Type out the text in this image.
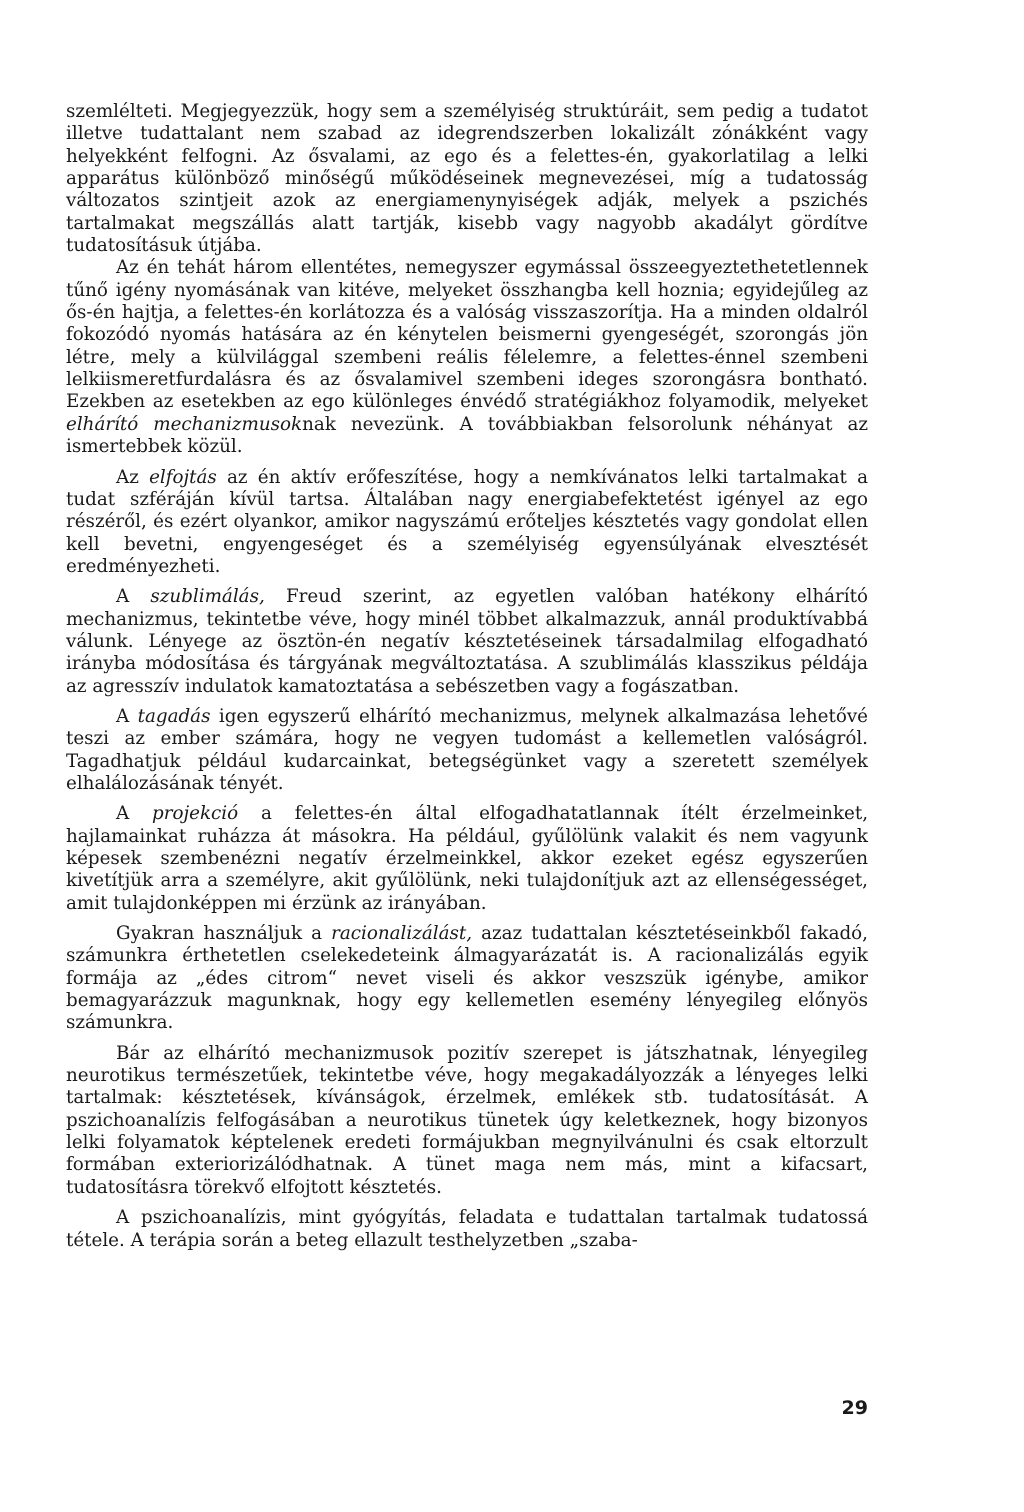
szemlélteti. Megjegyezzük, hogy sem a személyiség struktúráit, sem pedig a tudatot illetve tudattalant nem szabad az idegrendszerben lokalizált zónákként vagy helyekként felfogni. Az ősvalami, az ego és a felettes-én, gyakorlatilag a lelki apparátus különböző minőségű működéseinek megnevezései, míg a tudatosság változatos szintjeit azok az energiamenynyiségek adják, melyek a pszichés tartalmakat megszállás alatt tartják, kisebb vagy nagyobb akadályt gördítve tudatosításuk útjába.

Az én tehát három ellentétes, nemegyszer egymással összeegyeztethetetlennek tűnő igény nyomásának van kitéve, melyeket összhangba kell hoznia; egyidejűleg az ős-én hajtja, a felettes-én korlátozza és a valóság visszaszorítja. Ha a minden oldalról fokozódó nyomás hatására az én kénytelen beismerni gyengeségét, szorongás jön létre, mely a külvilággal szembeni reális félelemre, a felettes-énnel szembeni lelkiismeretfurdalásra és az ősvalamivel szembeni ideges szorongásra bontható. Ezekben az esetekben az ego különleges énvédő stratégiákhoz folyamodik, melyeket elhárító mechanizmusoknak nevezünk. A továbbiakban felsorolunk néhányat az ismertebbek közül.

Az elfojtás az én aktív erőfeszítése, hogy a nemkívánatos lelki tartalmakat a tudat szféráján kívül tartsa. Általában nagy energiabefektetést igényel az ego részéről, és ezért olyankor, amikor nagyszámú erőteljes késztetés vagy gondolat ellen kell bevetni, engyengeséget és a személyiség egyensúlyának elvesztését eredményezheti.

A szublimálás, Freud szerint, az egyetlen valóban hatékony elhárító mechanizmus, tekintetbe véve, hogy minél többet alkalmazzuk, annál produktívabbá válunk. Lényege az ösztön-én negatív késztetéseinek társadalmilag elfogadható irányba módosítása és tárgyának megváltoztatása. A szublimálás klasszikus példája az agresszív indulatok kamatoztatása a sebészetben vagy a fogászatban.

A tagadás igen egyszerű elhárító mechanizmus, melynek alkalmazása lehetővé teszi az ember számára, hogy ne vegyen tudomást a kellemetlen valóságról. Tagadhatjuk például kudarcainkat, betegségünket vagy a szeretett személyek elhalálozásának tényét.

A projekció a felettes-én által elfogadhatatlannak ítélt érzelmeinket, hajlamainkat ruházza át másokra. Ha például, gyűlölünk valakit és nem vagyunk képesek szembenézni negatív érzelmeinkkel, akkor ezeket egész egyszerűen kivetítjük arra a személyre, akit gyűlölünk, neki tulajdonítjuk azt az ellenségességet, amit tulajdonképpen mi érzünk az irányában.

Gyakran használjuk a racionalizálást, azaz tudattalan késztetéseinkből fakadó, számunkra érthetetlen cselekedeteink álmagyarázatát is. A racionalizálás egyik formája az „édes citrom“ nevet viseli és akkor veszszük igénybe, amikor bemagyarázzuk magunknak, hogy egy kellemetlen esemény lényegileg előnyös számunkra.

Bár az elhárító mechanizmusok pozitív szerepet is játszhatnak, lényegileg neurotikus természetűek, tekintetbe véve, hogy megakadályozzák a lényeges lelki tartalmak: késztetések, kívánságok, érzelmek, emlékek stb. tudatosítását. A pszichoanalízis felfogásában a neurotikus tünetek úgy keletkeznek, hogy bizonyos lelki folyamatok képtelenek eredeti formájukban megnyilvánulni és csak eltorzult formában exteriorizálódhatnak. A tünet maga nem más, mint a kifacsart, tudatosításra törekvő elfojtott késztetés.

A pszichoanalízis, mint gyógyítás, feladata e tudattalan tartalmak tudatossá tétele. A terápia során a beteg ellazult testhelyzetben „szaba-

29
